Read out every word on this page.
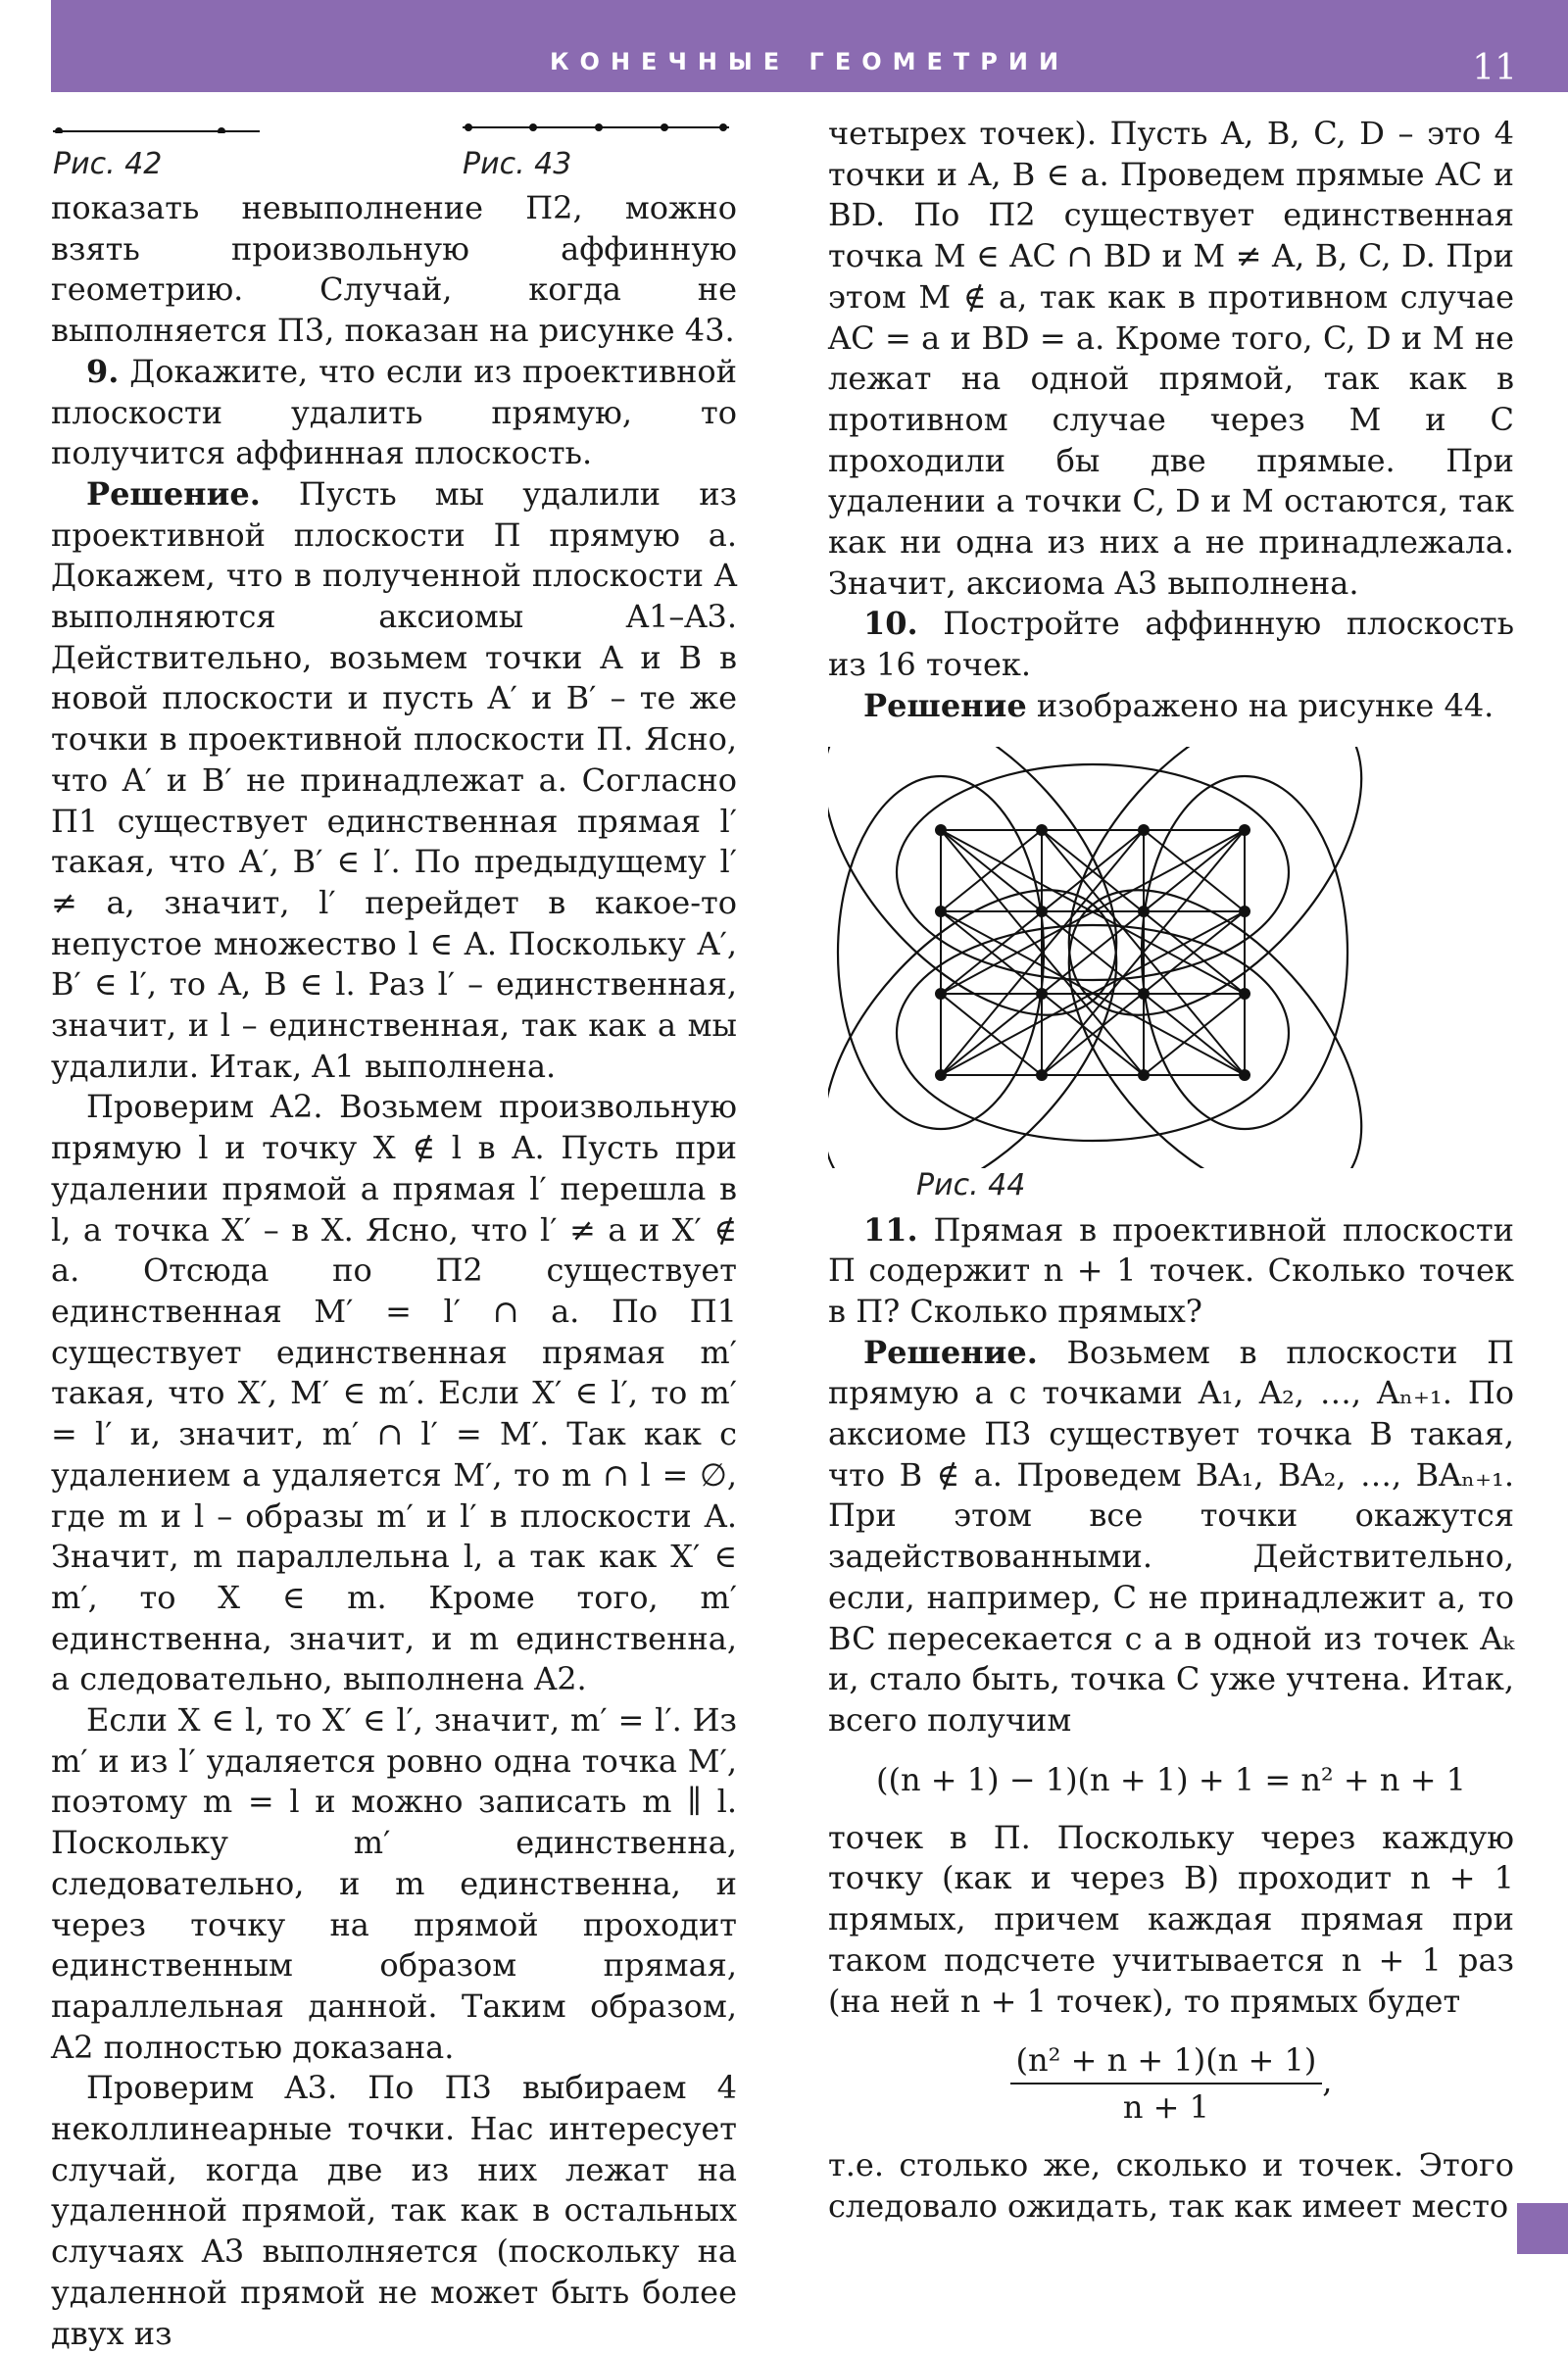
КОНЕЧНЫЕ ГЕОМЕТРИИ	11
Рис. 42	Рис. 43

показать невыполнение П2, можно взять произвольную аффинную геометрию. Случай, когда не выполняется П3, показан на рисунке 43.

9. Докажите, что если из проективной плоскости удалить прямую, то получится аффинная плоскость.

Решение. Пусть мы удалили из проективной плоскости П прямую a. Докажем, что в полученной плоскости A выполняются аксиомы A1–A3. Действительно, возьмем точки A и B в новой плоскости и пусть A′ и B′ – те же точки в проективной плоскости П. Ясно, что A′ и B′ не принадлежат a. Согласно П1 существует единственная прямая l′ такая, что A′, B′ ∈ l′. По предыдущему l′ ≠ a, значит, l′ перейдет в какое-то непустое множество l ∈ A. Поскольку A′, B′ ∈ l′, то A, B ∈ l. Раз l′ – единственная, значит, и l – единственная, так как a мы удалили. Итак, A1 выполнена.

Проверим A2. Возьмем произвольную прямую l и точку X ∉ l в A. Пусть при удалении прямой a прямая l′ перешла в l, а точка X′ – в X. Ясно, что l′ ≠ a и X′ ∉ a. Отсюда по П2 существует единственная M′ = l′ ∩ a. По П1 существует единственная прямая m′ такая, что X′, M′ ∈ m′. Если X′ ∈ l′, то m′ = l′ и, значит, m′ ∩ l′ = M′. Так как с удалением a удаляется M′, то m ∩ l = ∅, где m и l – образы m′ и l′ в плоскости A. Значит, m параллельна l, а так как X′ ∈ m′, то X ∈ m. Кроме того, m′ единственна, значит, и m единственна, а следовательно, выполнена A2.

Если X ∈ l, то X′ ∈ l′, значит, m′ = l′. Из m′ и из l′ удаляется ровно одна точка M′, поэтому m = l и можно записать m ∥ l. Поскольку m′ единственна, следовательно, и m единственна, и через точку на прямой проходит единственным образом прямая, параллельная данной. Таким образом, A2 полностью доказана.

Проверим A3. По П3 выбираем 4 неколлинеарные точки. Нас интересует случай, когда две из них лежат на удаленной прямой, так как в остальных случаях A3 выполняется (поскольку на удаленной прямой не может быть более двух из

четырех точек). Пусть A, B, C, D – это 4 точки и A, B ∈ a. Проведем прямые AC и BD. По П2 существует единственная точка M ∈ AC ∩ BD и M ≠ A, B, C, D. При этом M ∉ a, так как в противном случае AC = a и BD = a. Кроме того, C, D и M не лежат на одной прямой, так как в противном случае через M и C проходили бы две прямые. При удалении a точки C, D и M остаются, так как ни одна из них a не принадлежала. Значит, аксиома A3 выполнена.

10. Постройте аффинную плоскость из 16 точек.

Решение изображено на рисунке 44.

Рис. 44

11. Прямая в проективной плоскости П содержит n + 1 точек. Сколько точек в П? Сколько прямых?

Решение. Возьмем в плоскости П прямую a с точками A₁, A₂, …, Aₙ₊₁. По аксиоме П3 существует точка B такая, что B ∉ a. Проведем BA₁, BA₂, …, BAₙ₊₁. При этом все точки окажутся задействованными. Действительно, если, например, C не принадлежит a, то BC пересекается с a в одной из точек Aₖ и, стало быть, точка C уже учтена. Итак, всего получим

((n + 1) − 1)(n + 1) + 1 = n² + n + 1

точек в П. Поскольку через каждую точку (как и через B) проходит n + 1 прямых, причем каждая прямая при таком подсчете учитывается n + 1 раз (на ней n + 1 точек), то прямых будет

$\frac{\text{(n² + n + 1)(n + 1)}}{n + 1}$ ,

т.е. столько же, сколько и точек. Этого следовало ожидать, так как имеет место
